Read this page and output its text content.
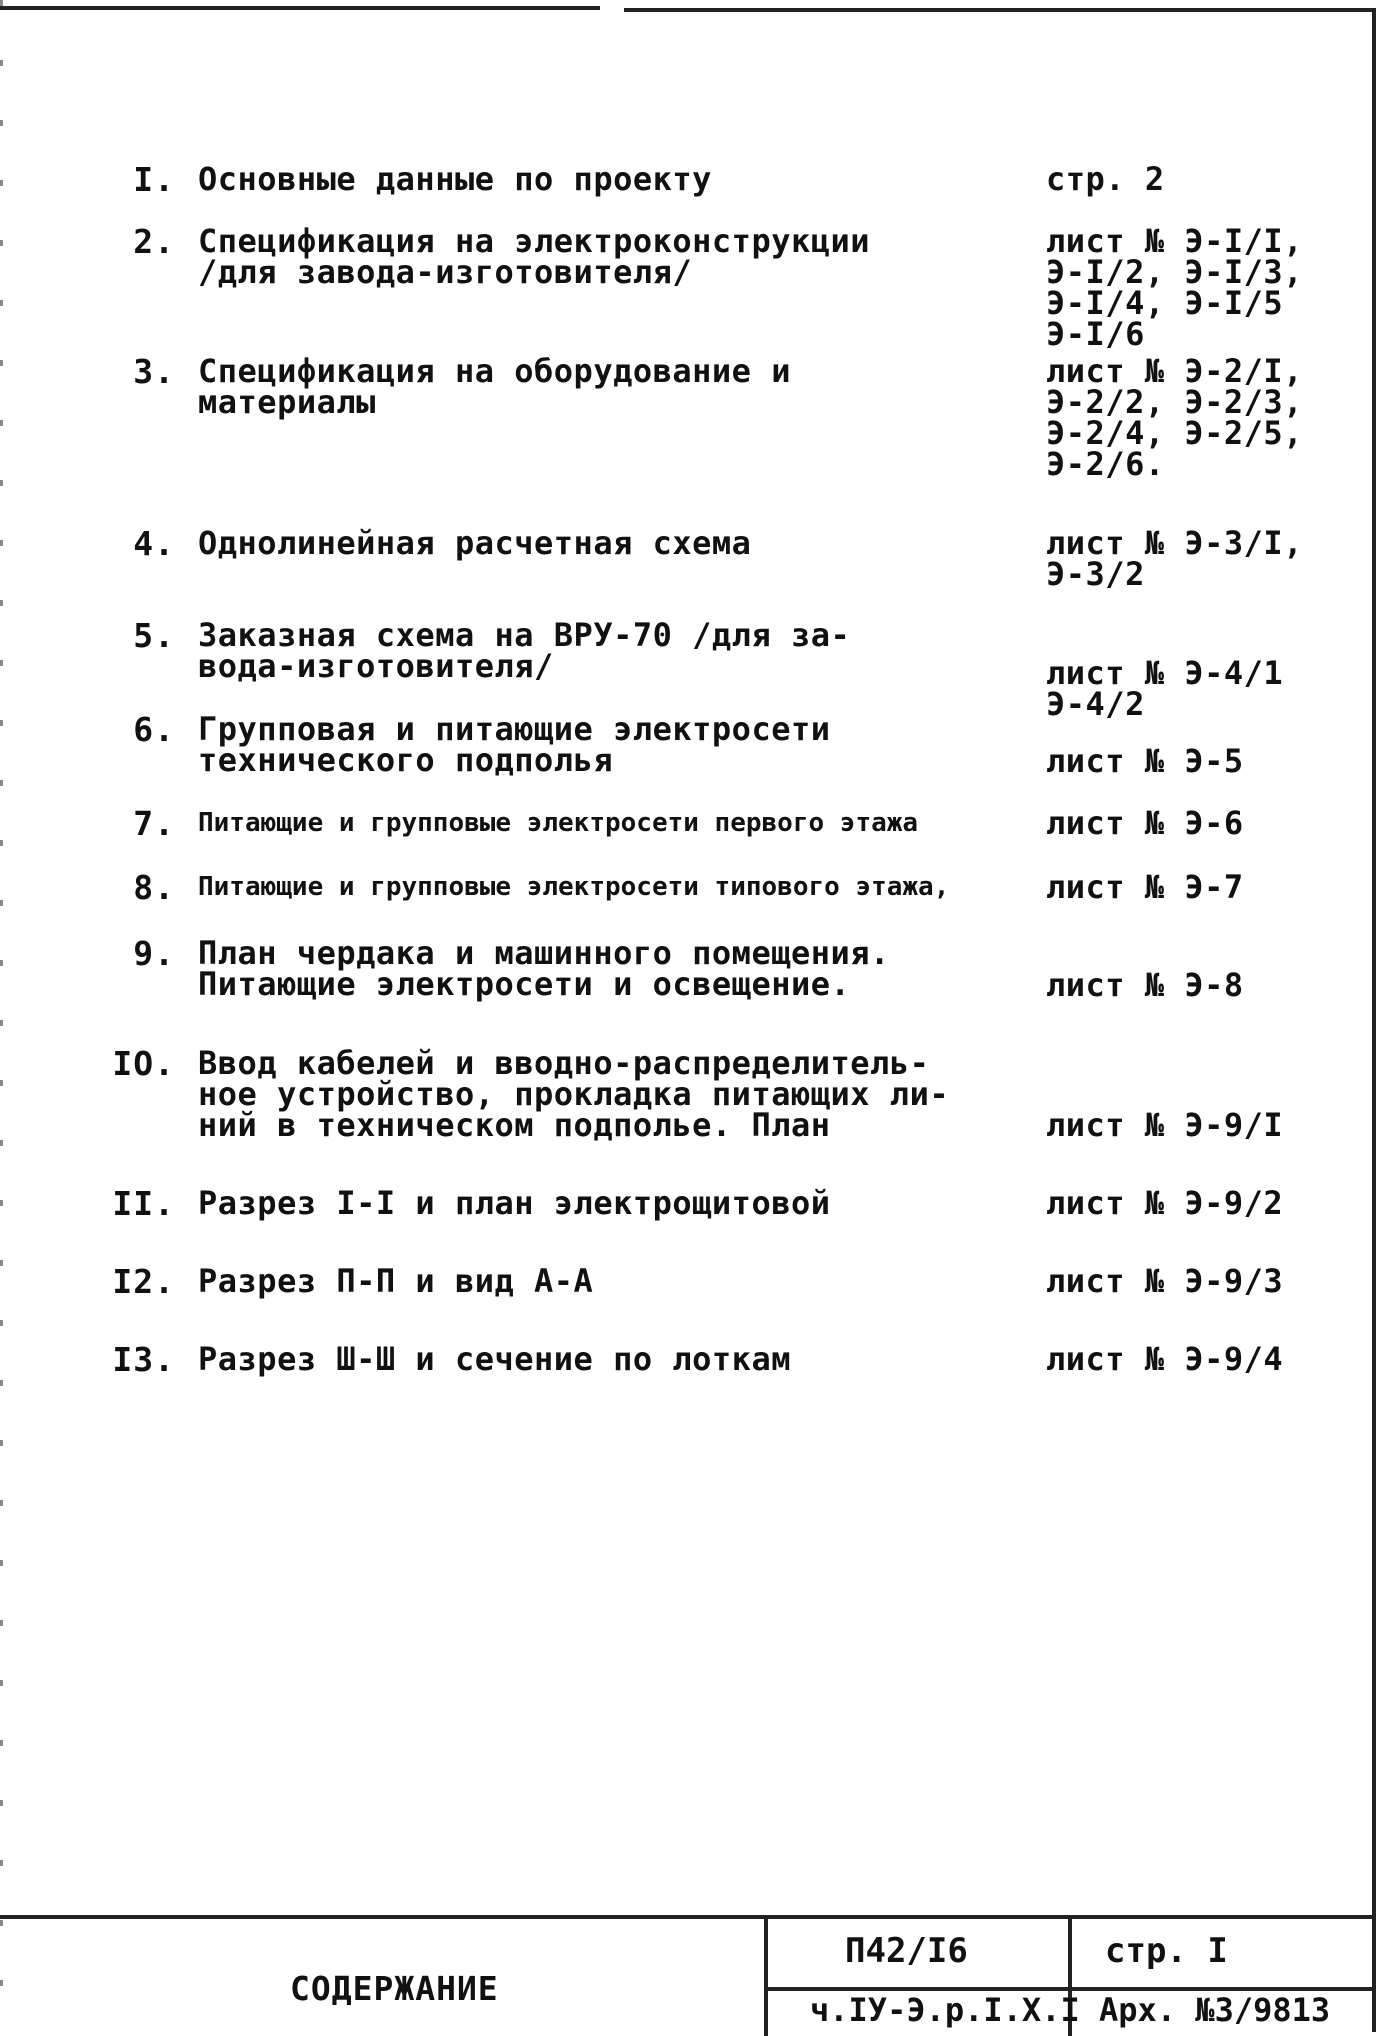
I. Основные данные по проекту	стр. 2
2. Спецификация на электроконструкции
/для завода-изготовителя/
лист № Э-I/I,
Э-I/2, Э-I/3,
Э-I/4, Э-I/5
Э-I/6
3. Спецификация на оборудование и
материалы
лист № Э-2/I,
Э-2/2, Э-2/3,
Э-2/4, Э-2/5,
Э-2/6.
4. Однолинейная расчетная схема	лист № Э-3/I,
Э-3/2
5. Заказная схема на ВРУ-70 /для за-
вода-изготовителя/	лист № Э-4/1
Э-4/2
6. Групповая и питающие электросети
технического подполья	лист № Э-5
7. Питающие и групповые электросети первого этажа	лист № Э-6
8. Питающие и групповые электросети типового этажа,	лист № Э-7
9. План чердака и машинного помещения.
Питающие электросети и освещение.	лист № Э-8
IO. Ввод кабелей и вводно-распределитель-
ное устройство, прокладка питающих ли-
ний в техническом подполье. План	лист № Э-9/I
II. Разрез I-I и план электрощитовой	лист № Э-9/2
I2. Разрез П-П и вид А-А	лист № Э-9/3
I3. Разрез Ш-Ш и сечение по лоткам	лист № Э-9/4
СОДЕРЖАНИЕ
П42/I6	стр. I
ч.IУ-Э.р.I.Х.I Арх. №3/9813
